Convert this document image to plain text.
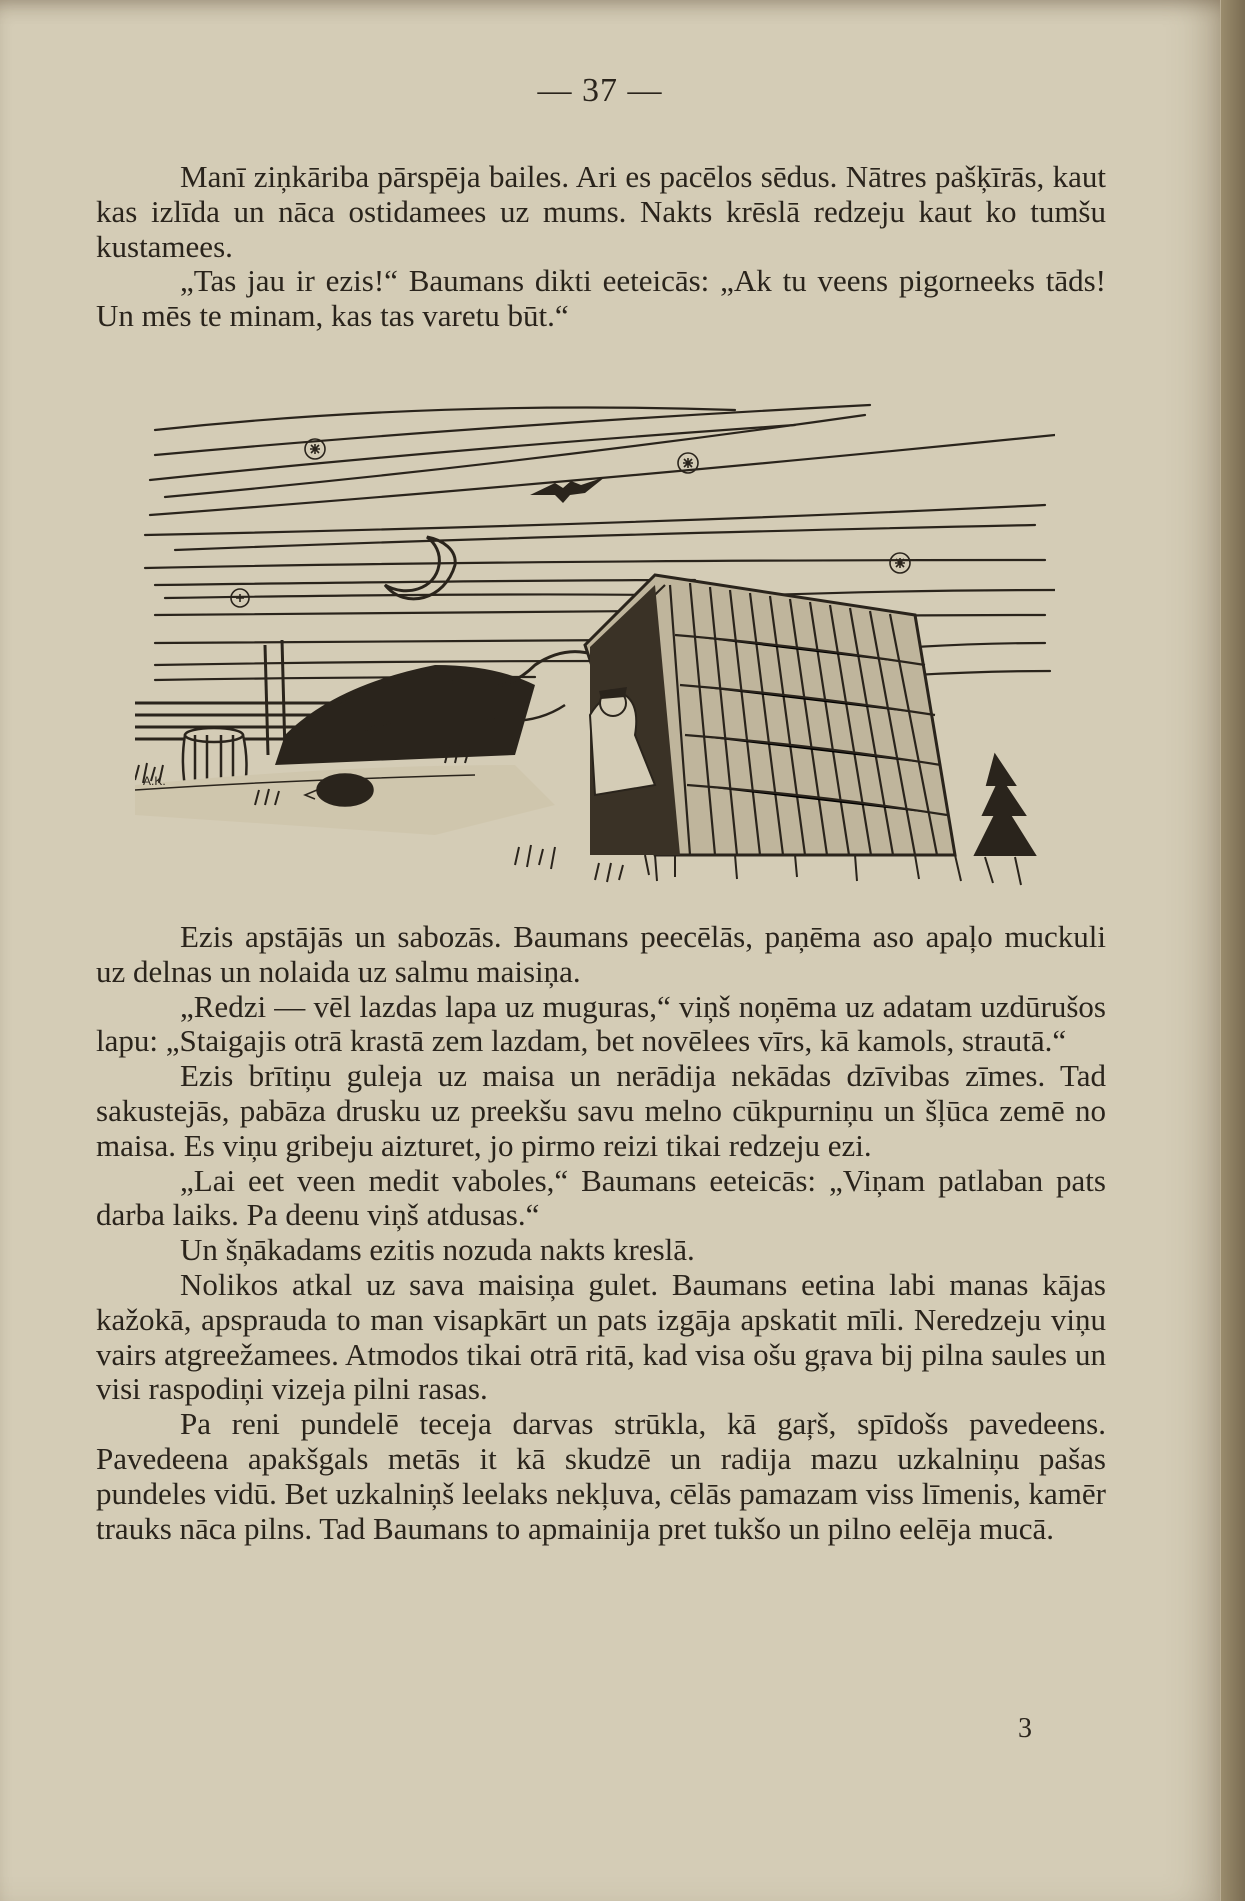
— 37 —

Manī ziņkāriba pārspēja bailes. Ari es pacēlos sēdus. Nātres pašķīrās, kaut kas izlīda un nāca ostidamees uz mums. Nakts krēslā redzeju kaut ko tumšu kustamees.

„Tas jau ir ezis!“ Baumans dikti eeteicās: „Ak tu veens pigorneeks tāds! Un mēs te minam, kas tas varetu būt.“

A.K.

Ezis apstājās un sabozās. Baumans peecēlās, paņēma aso apaļo muckuli uz delnas un nolaida uz salmu maisiņa.

„Redzi — vēl lazdas lapa uz muguras,“ viņš noņēma uz adatam uzdūrušos lapu: „Staigajis otrā krastā zem lazdam, bet novēlees vīrs, kā kamols, strautā.“

Ezis brītiņu guleja uz maisa un nerādija nekādas dzīvibas zīmes. Tad sakustejās, pabāza drusku uz preekšu savu melno cūkpurniņu un šļūca zemē no maisa. Es viņu gribeju aizturet, jo pirmo reizi tikai redzeju ezi.

„Lai eet veen medit vaboles,“ Baumans eeteicās: „Viņam patlaban pats darba laiks. Pa deenu viņš atdusas.“

Un šņākadams ezitis nozuda nakts kreslā.

Nolikos atkal uz sava maisiņa gulet. Baumans eetina labi manas kājas kažokā, apsprauda to man visapkārt un pats izgāja apskatit mīli. Neredzeju viņu vairs atgreežamees. Atmodos tikai otrā ritā, kad visa ošu gŗava bij pilna saules un visi raspodiņi vizeja pilni rasas.

Pa reni pundelē teceja darvas strūkla, kā gaŗš, spīdošs pavedeens. Pavedeena apakšgals metās it kā skudzē un radija mazu uzkalniņu pašas pundeles vidū. Bet uzkalniņš leelaks nekļuva, cēlās pamazam viss līmenis, kamēr trauks nāca pilns. Tad Baumans to apmainija pret tukšo un pilno eelēja mucā.

3
